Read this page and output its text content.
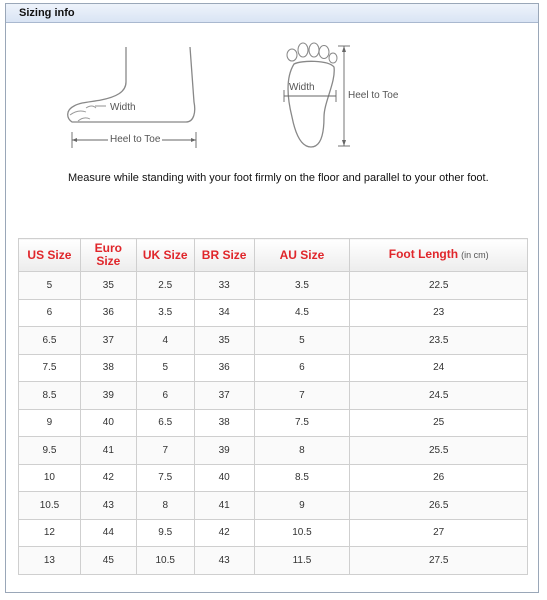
Sizing info
Width
Heel to Toe
Width
Heel to Toe
Measure while standing with your foot firmly on the floor and parallel to your other foot.
US Size	Euro Size	UK Size	BR Size	AU Size	Foot Length (in cm)
5	35	2.5	33	3.5	22.5
6	36	3.5	34	4.5	23
6.5	37	4	35	5	23.5
7.5	38	5	36	6	24
8.5	39	6	37	7	24.5
9	40	6.5	38	7.5	25
9.5	41	7	39	8	25.5
10	42	7.5	40	8.5	26
10.5	43	8	41	9	26.5
12	44	9.5	42	10.5	27
13	45	10.5	43	11.5	27.5
